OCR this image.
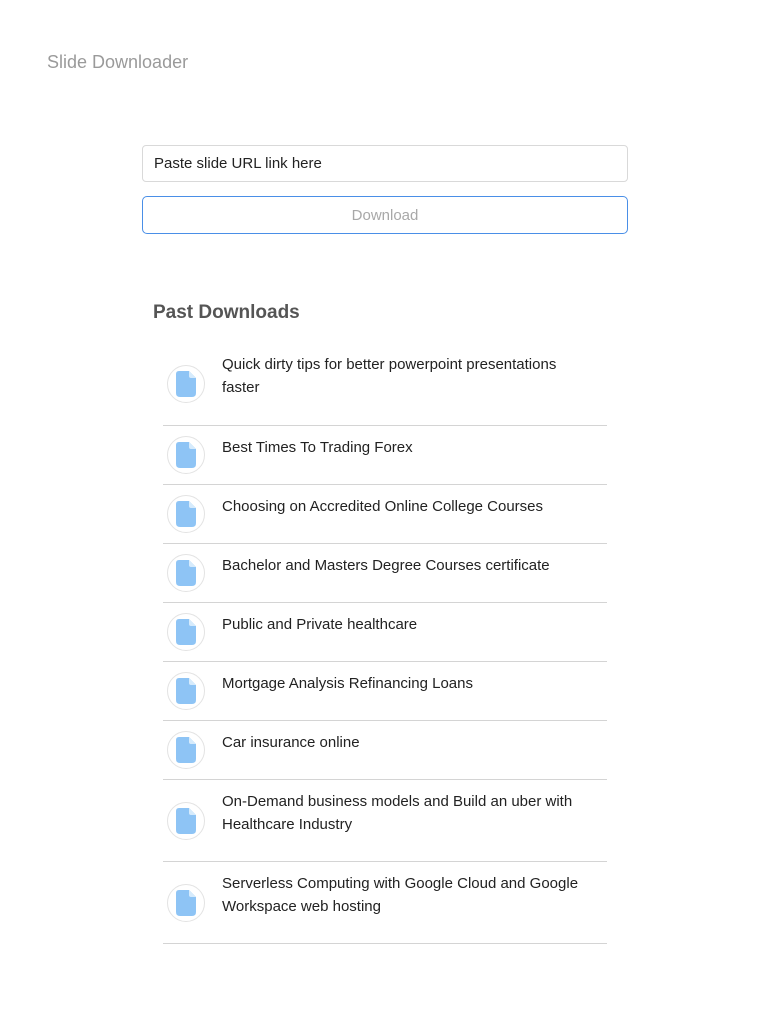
Slide Downloader
Paste slide URL link here
Download
Past Downloads
Quick dirty tips for better powerpoint presentations faster
Best Times To Trading Forex
Choosing on Accredited Online College Courses
Bachelor and Masters Degree Courses certificate
Public and Private healthcare
Mortgage Analysis Refinancing Loans
Car insurance online
On-Demand business models and Build an uber with Healthcare Industry
Serverless Computing with Google Cloud and Google Workspace web hosting
